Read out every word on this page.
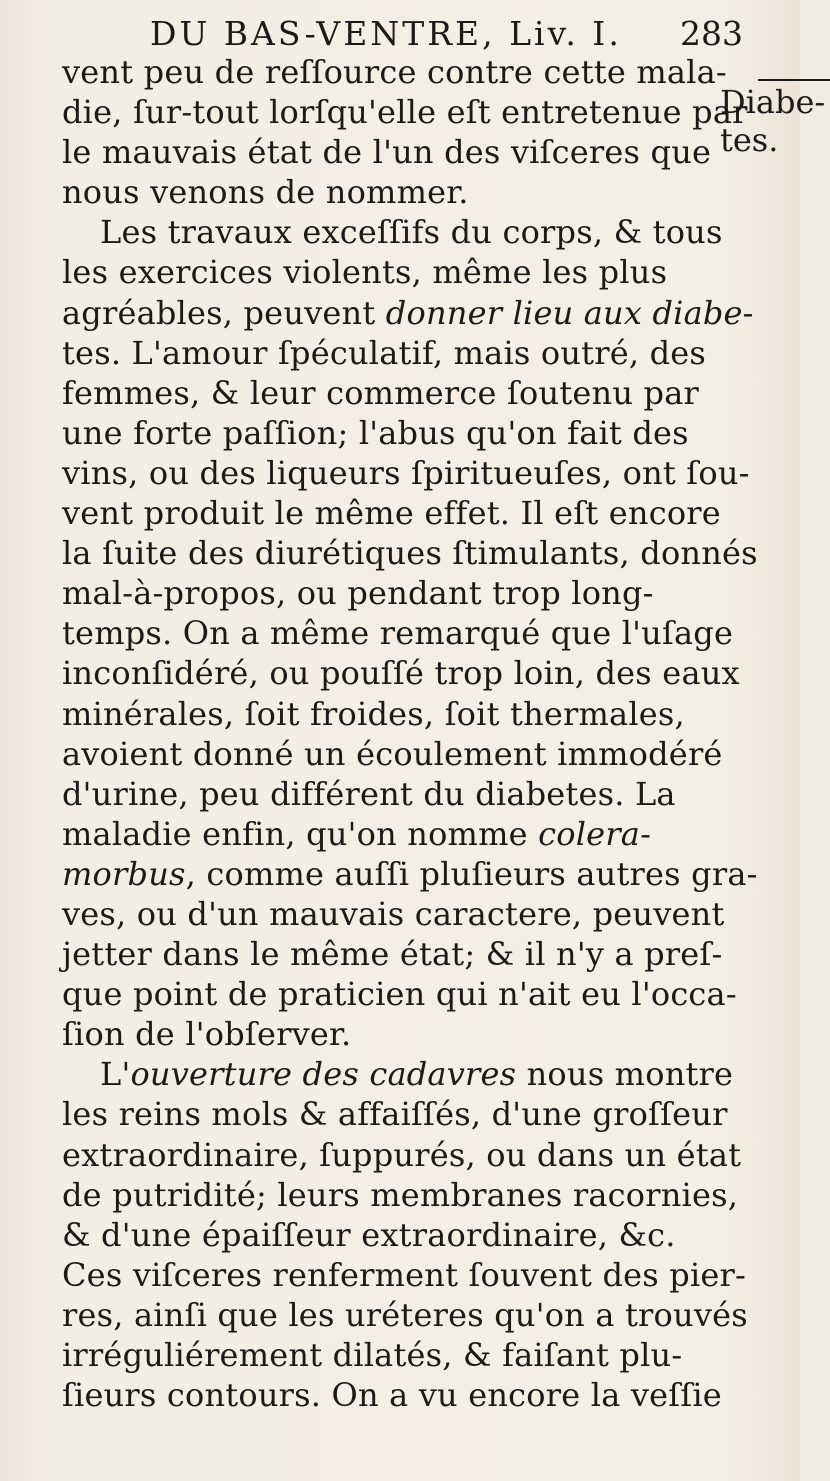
DU BAS-VENTRE, Liv. I. 283
Diabe-
tes.
vent peu de reſſource contre cette mala-
die, ſur-tout lorſqu'elle eſt entretenue par
le mauvais état de l'un des viſceres que
nous venons de nommer.
Les travaux exceſſifs du corps, & tous
les exercices violents, même les plus
agréables, peuvent donner lieu aux diabe-
tes. L'amour ſpéculatif, mais outré, des
femmes, & leur commerce ſoutenu par
une forte paſſion; l'abus qu'on fait des
vins, ou des liqueurs ſpiritueuſes, ont ſou-
vent produit le même effet. Il eſt encore
la ſuite des diurétiques ſtimulants, donnés
mal-à-propos, ou pendant trop long-
temps. On a même remarqué que l'uſage
inconſidéré, ou pouſſé trop loin, des eaux
minérales, ſoit froides, ſoit thermales,
avoient donné un écoulement immodéré
d'urine, peu différent du diabetes. La
maladie enfin, qu'on nomme colera-
morbus, comme auſſi pluſieurs autres gra-
ves, ou d'un mauvais caractere, peuvent
jetter dans le même état; & il n'y a preſ-
que point de praticien qui n'ait eu l'occa-
ſion de l'obſerver.
L'ouverture des cadavres nous montre
les reins mols & affaiſſés, d'une groſſeur
extraordinaire, ſuppurés, ou dans un état
de putridité; leurs membranes racornies,
& d'une épaiſſeur extraordinaire, &c.
Ces viſceres renferment ſouvent des pier-
res, ainſi que les uréteres qu'on a trouvés
irréguliérement dilatés, & faiſant plu-
ſieurs contours. On a vu encore la veſſie
